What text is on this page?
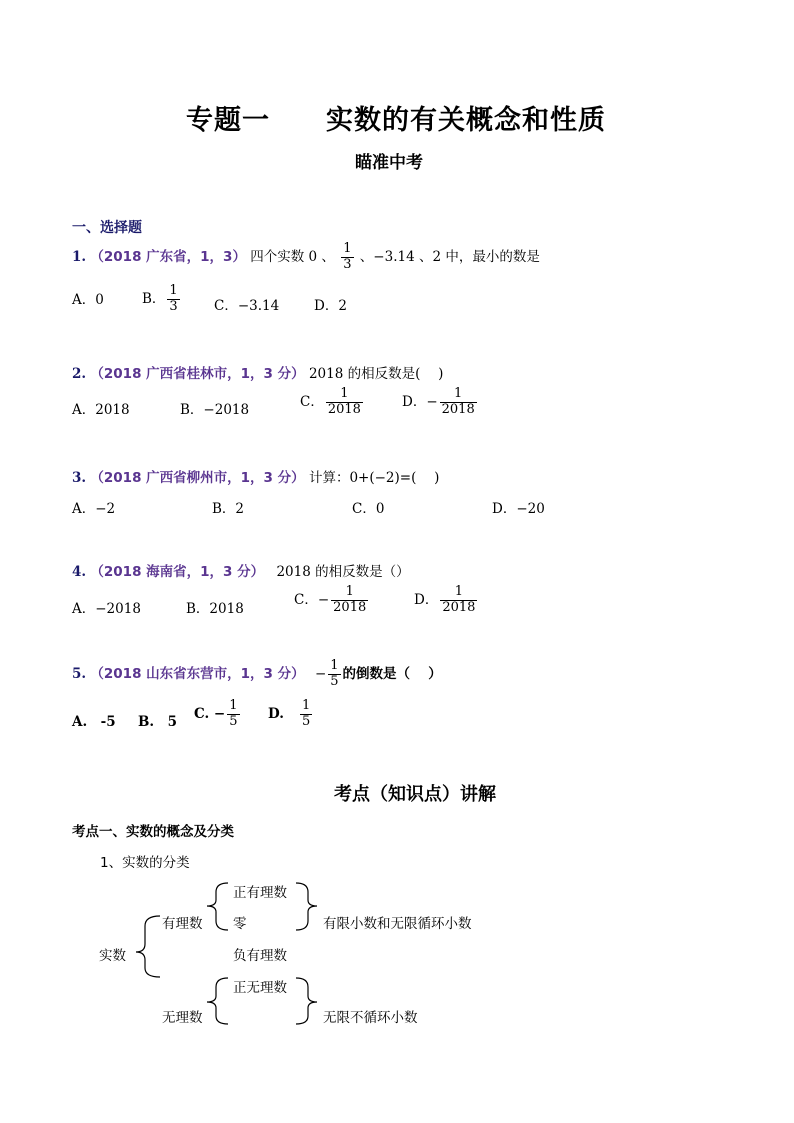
专题一　　实数的有关概念和性质
瞄准中考
一、选择题
1. （2018 广东省，1，3） 四个实数 0 、 $\frac{1}{3}$ 、−3.14 、2 中，最小的数是
A．0	B． $\frac{1}{3}$	C．−3.14	D．2
2. （2018 广西省桂林市，1，3 分） 2018 的相反数是(　 )
A．2018	B．−2018
C． $\frac{1}{2018}$	D．− $\frac{1}{2018}$
3. （2018 广西省柳州市，1，3 分） 计算：0+(−2)=(　 )
A．−2	B．2	C．0	D．−20
4. （2018 海南省，1，3 分） 2018 的相反数是（）
A．−2018	B．2018
C．− $\frac{1}{2018}$	D． $\frac{1}{2018}$
5. （2018 山东省东营市，1，3 分） − $\frac{1}{5}$ 的倒数是（　 ）
A.　-5 B.　5
C. − $\frac{1}{5} D$. $\frac{1}{5}$
考点（知识点）讲解
考点一、实数的概念及分类
1、实数的分类
实数
有理数
正有理数
零
负有理数
有限小数和无限循环小数
无理数
正无理数
无限不循环小数
